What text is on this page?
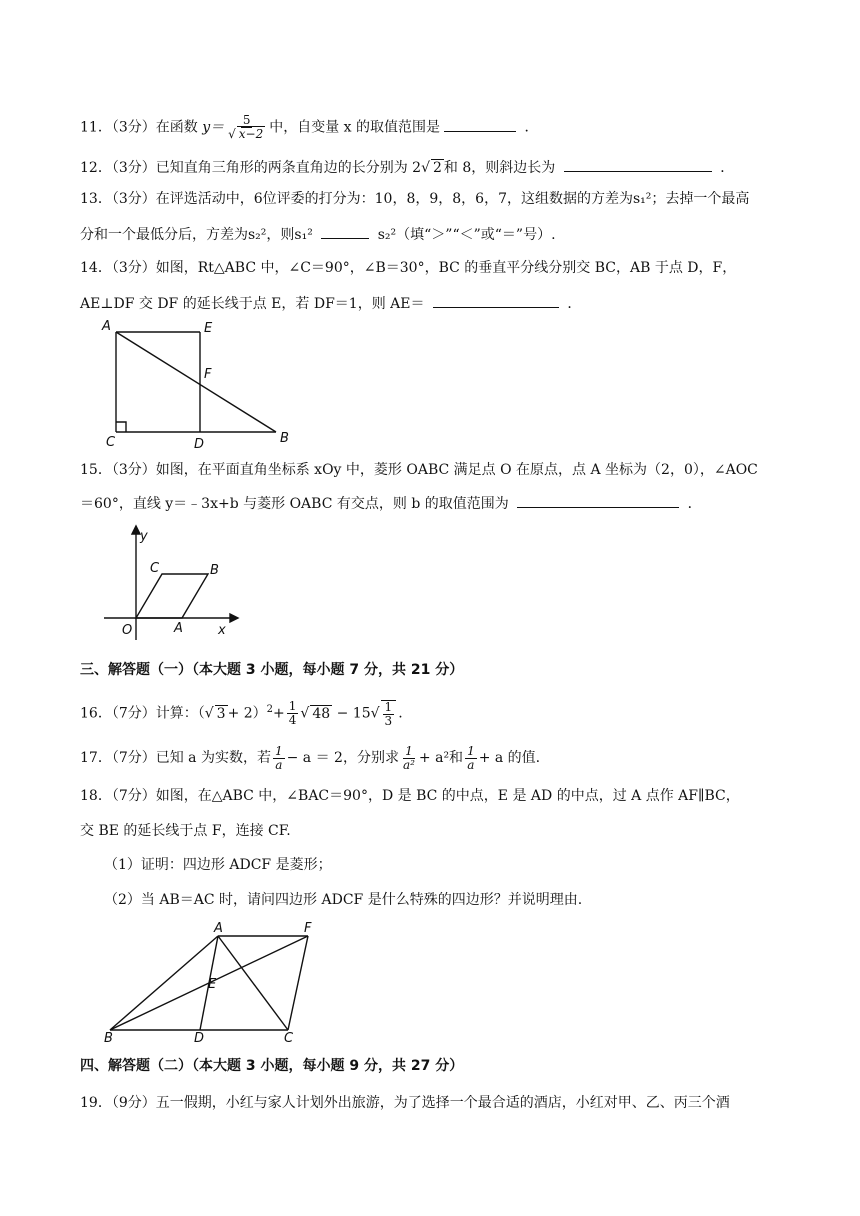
11．（3分）在函数 $y= \frac{5}{√ x-2}$ 中，自变量 x 的取值范围是	．
12．（3分）已知直角三角形的两条直角边的长分别为 2√ 2 和 8，则斜边长为	．
13．（3分）在评选活动中，6位评委的打分为：10，8，9，8，6，7，这组数据的方差为s₁²；去掉一个最高
分和一个最低分后，方差为s₂²，则s₁²	s₂²（填“＞”“＜”或“＝”号）.
14．（3分）如图，Rt△ABC 中，∠C＝90°，∠B＝30°，BC 的垂直平分线分别交 BC，AB 于点 D，F，
AE⊥DF 交 DF 的延长线于点 E，若 DF＝1，则 AE＝	．
A	E
F
C	D	B
15．（3分）如图，在平面直角坐标系 xOy 中，菱形 OABC 满足点 O 在原点，点 A 坐标为（2，0），∠AOC
＝60°，直线 y＝﹣3x+b 与菱形 OABC 有交点，则 b 的取值范围为	．
y
x
O	A
B
C
三、解答题（一）（本大题 3 小题，每小题 7 分，共 21 分）
16．（7分）计算：（√ $3 + 2)^2+ \frac{1}{4}$ √ $48 - 15√ \frac{1}{3}$ .
17．（7分）已知 a 为实数，若 $\frac{1}{a} - a = 2$，分别求 $\frac{1}{\text{a²}} + a^2$和 $\frac{1}{a} + a$ 的值.
18．（7分）如图，在△ABC 中，∠BAC＝90°，D 是 BC 的中点，E 是 AD 的中点，过 A 点作 AF∥BC，
交 BE 的延长线于点 F，连接 CF.
（1）证明：四边形 ADCF 是菱形；
（2）当 AB＝AC 时，请问四边形 ADCF 是什么特殊的四边形？并说明理由.
A	F
E
B	D	C
四、解答题（二）（本大题 3 小题，每小题 9 分，共 27 分）
19．（9分）五一假期，小红与家人计划外出旅游，为了选择一个最合适的酒店，小红对甲、乙、丙三个酒
